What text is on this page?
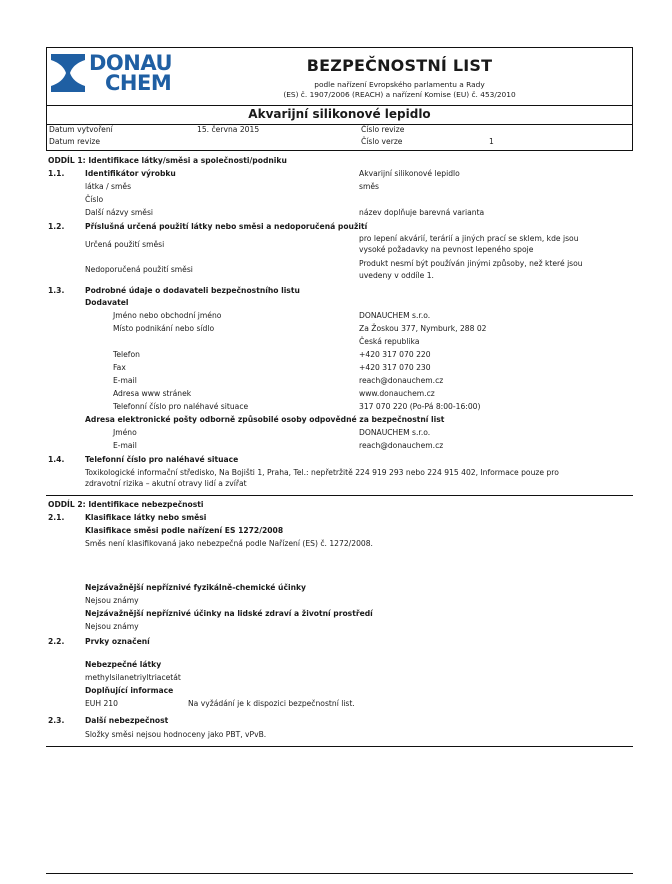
DONAU
CHEM
BEZPEČNOSTNÍ LIST
podle nařízení Evropského parlamentu a Rady
(ES) č. 1907/2006 (REACH) a nařízení Komise (EU) č. 453/2010
Akvarijní silikonové lepidlo
Datum vytvoření	15. června 2015
Datum revize
Číslo revize
Číslo verze	1
ODDÍL 1: Identifikace látky/směsi a společnosti/podniku
1.1.	Identifikátor výrobku	Akvarijní silikonové lepidlo
látka / směs	směs
Číslo
Další názvy směsi	název doplňuje barevná varianta
1.2.	Příslušná určená použití látky nebo směsi a nedoporučená použití
Určená použití směsi
pro lepení akvárií, terárií a jiných prací se sklem, kde jsou
vysoké požadavky na pevnost lepeného spoje
Nedoporučená použití směsi
Produkt nesmí být používán jinými způsoby, než které jsou
uvedeny v oddíle 1.
1.3.	Podrobné údaje o dodavateli bezpečnostního listu
Dodavatel
Jméno nebo obchodní jméno	DONAUCHEM s.r.o.
Místo podnikání nebo sídlo	Za Žoskou 377, Nymburk, 288 02
Česká republika
Telefon	+420 317 070 220
Fax	+420 317 070 230
E-mail	reach@donauchem.cz
Adresa www stránek	www.donauchem.cz
Telefonní číslo pro naléhavé situace	317 070 220 (Po-Pá 8:00-16:00)
Adresa elektronické pošty odborně způsobilé osoby odpovědné za bezpečnostní list
Jméno	DONAUCHEM s.r.o.
E-mail	reach@donauchem.cz
1.4.	Telefonní číslo pro naléhavé situace
Toxikologické informační středisko, Na Bojišti 1, Praha, Tel.: nepřetržitě 224 919 293 nebo 224 915 402, Informace pouze pro
zdravotní rizika – akutní otravy lidí a zvířat
ODDÍL 2: Identifikace nebezpečnosti
2.1.	Klasifikace látky nebo směsi
Klasifikace směsi podle nařízení ES 1272/2008
Směs není klasifikovaná jako nebezpečná podle Nařízení (ES) č. 1272/2008.
Nejzávažnější nepříznivé fyzikálně-chemické účinky
Nejsou známy
Nejzávažnější nepříznivé účinky na lidské zdraví a životní prostředí
Nejsou známy
2.2.	Prvky označení
Nebezpečné látky
methylsilanetriyltriacetát
Doplňující informace
EUH 210	Na vyžádání je k dispozici bezpečnostní list.
2.3.	Další nebezpečnost
Složky směsi nejsou hodnoceny jako PBT, vPvB.
